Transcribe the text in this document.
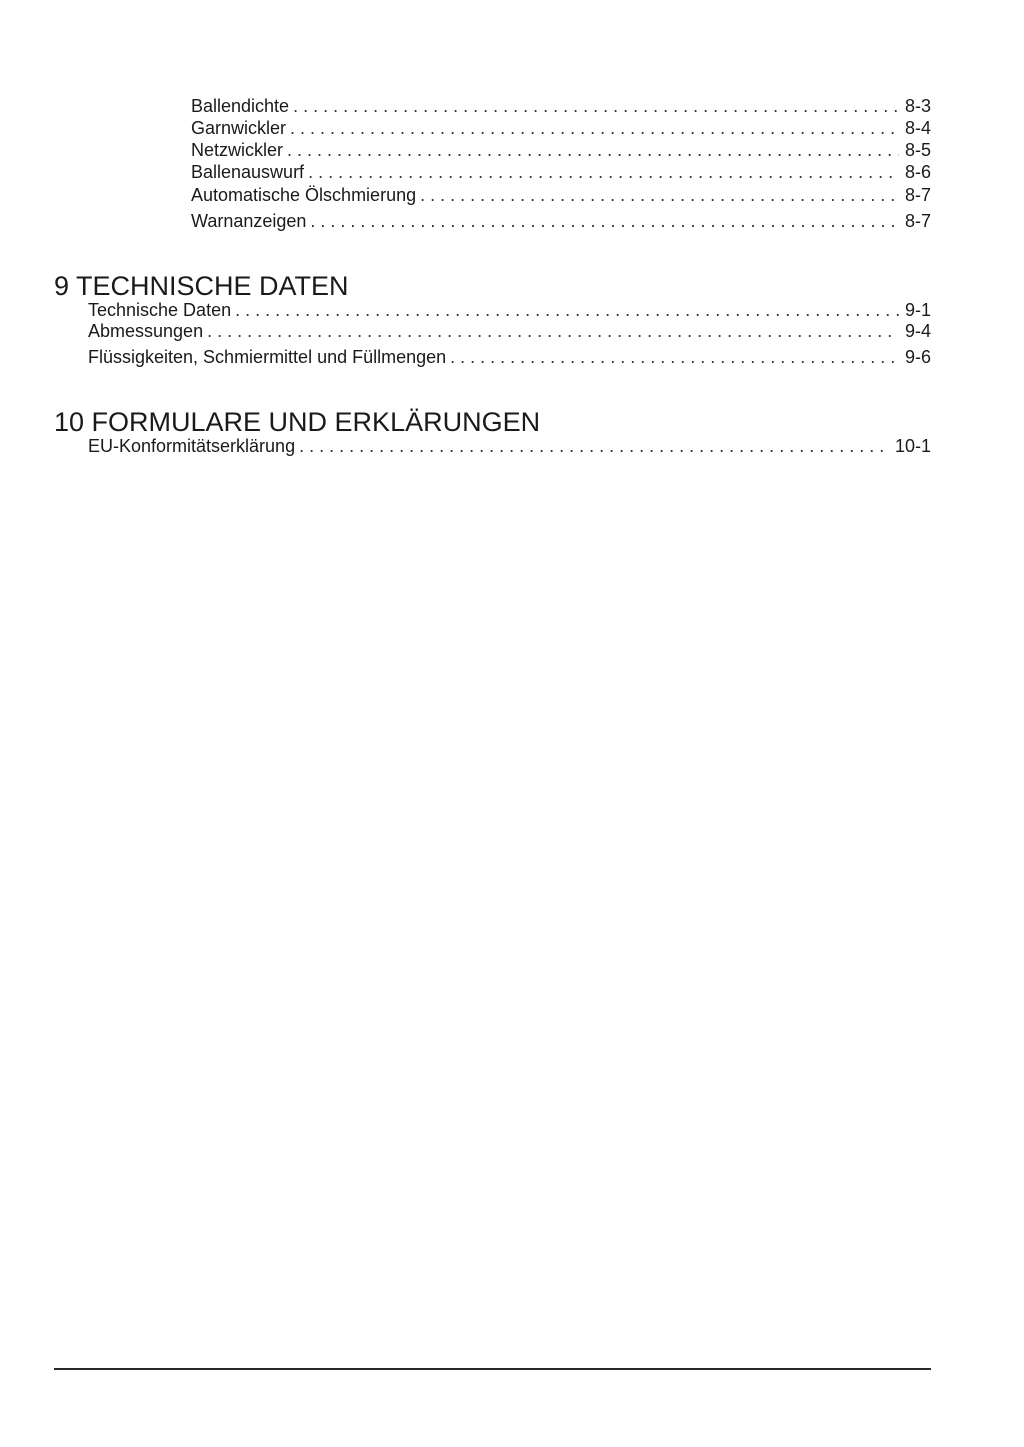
Ballendichte . . .	8-3
Garnwickler . . .	8-4
Netzwickler . . .	8-5
Ballenauswurf . . .	8-6
Automatische Ölschmierung . . .	8-7
Warnanzeigen . . .	8-7
9 TECHNISCHE DATEN
Technische Daten . . .	9-1
Abmessungen . . .	9-4
Flüssigkeiten, Schmiermittel und Füllmengen . . .	9-6
10 FORMULARE UND ERKLÄRUNGEN
EU-Konformitätserklärung . . .	10-1
